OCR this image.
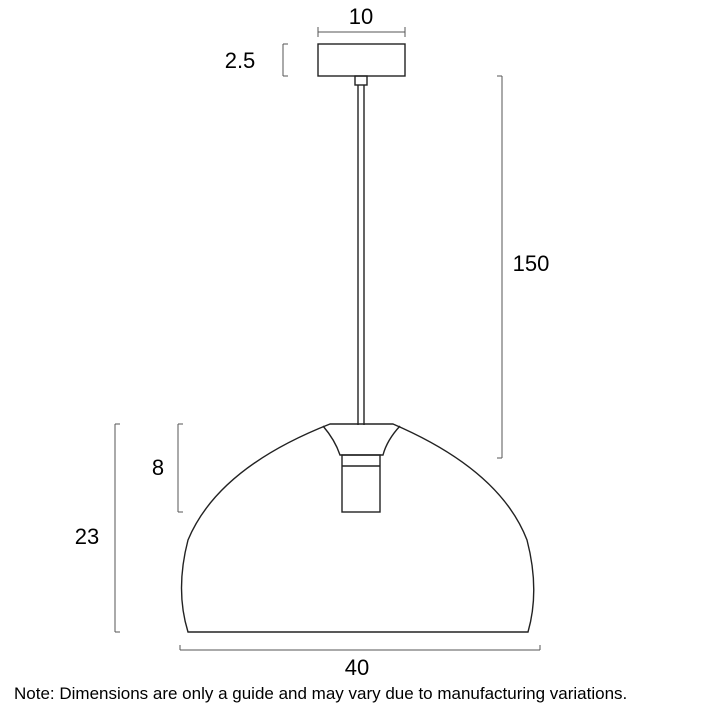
10
2.5
150
8
23
40
Note: Dimensions are only a guide and may vary due to manufacturing variations.
